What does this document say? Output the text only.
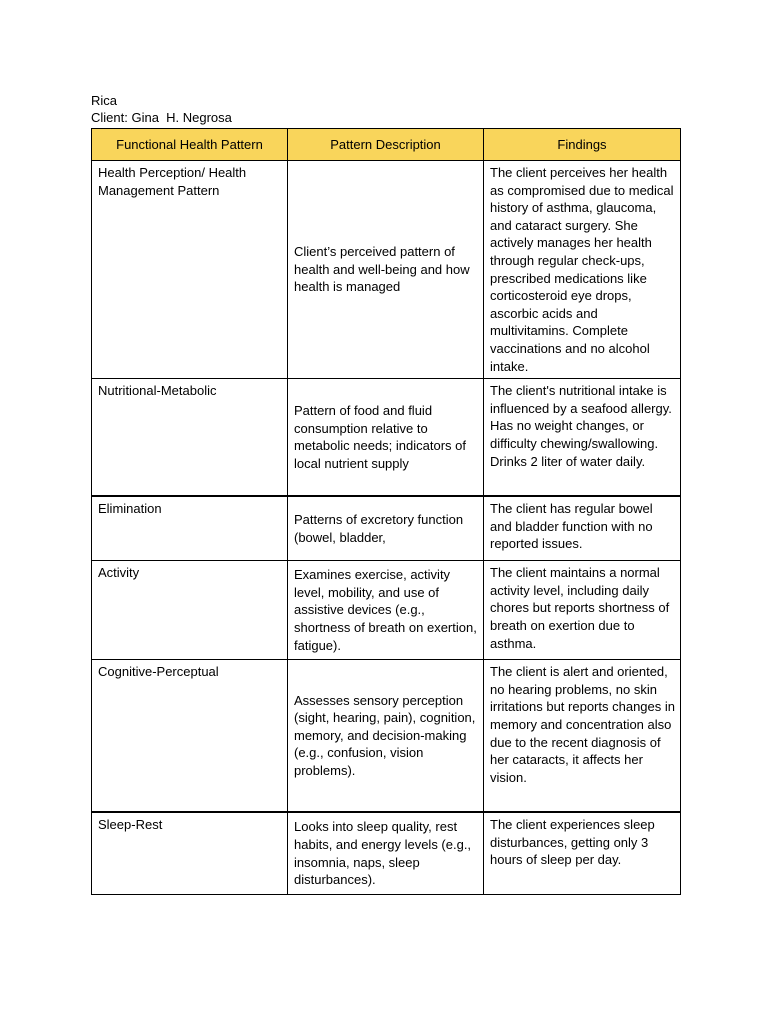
Rica
Client: Gina  H. Negrosa
Functional Health Pattern	Pattern Description	Findings
Health Perception/ Health Management Pattern	Client’s perceived pattern of health and well-being and how health is managed	The client perceives her health as compromised due to medical history of asthma, glaucoma, and cataract surgery. She actively manages her health through regular check-ups, prescribed medications like corticosteroid eye drops, ascorbic acids and multivitamins. Complete vaccinations and no alcohol intake.
Nutritional-Metabolic	Pattern of food and fluid consumption relative to metabolic needs; indicators of local nutrient supply	The client's nutritional intake is influenced by a seafood allergy. Has no weight changes, or difficulty chewing/swallowing. Drinks 2 liter of water daily.
Elimination	Patterns of excretory function (bowel, bladder,	The client has regular bowel and bladder function with no reported issues.
Activity	Examines exercise, activity level, mobility, and use of assistive devices (e.g., shortness of breath on exertion, fatigue).	The client maintains a normal activity level, including daily chores but reports shortness of breath on exertion due to asthma.
Cognitive-Perceptual	Assesses sensory perception (sight, hearing, pain), cognition, memory, and decision-making (e.g., confusion, vision problems).	The client is alert and oriented, no hearing problems, no skin irritations but reports changes in memory and concentration also due to the recent diagnosis of her cataracts, it affects her vision.
Sleep-Rest	Looks into sleep quality, rest habits, and energy levels (e.g., insomnia, naps, sleep disturbances).	The client experiences sleep disturbances, getting only 3 hours of sleep per day.
